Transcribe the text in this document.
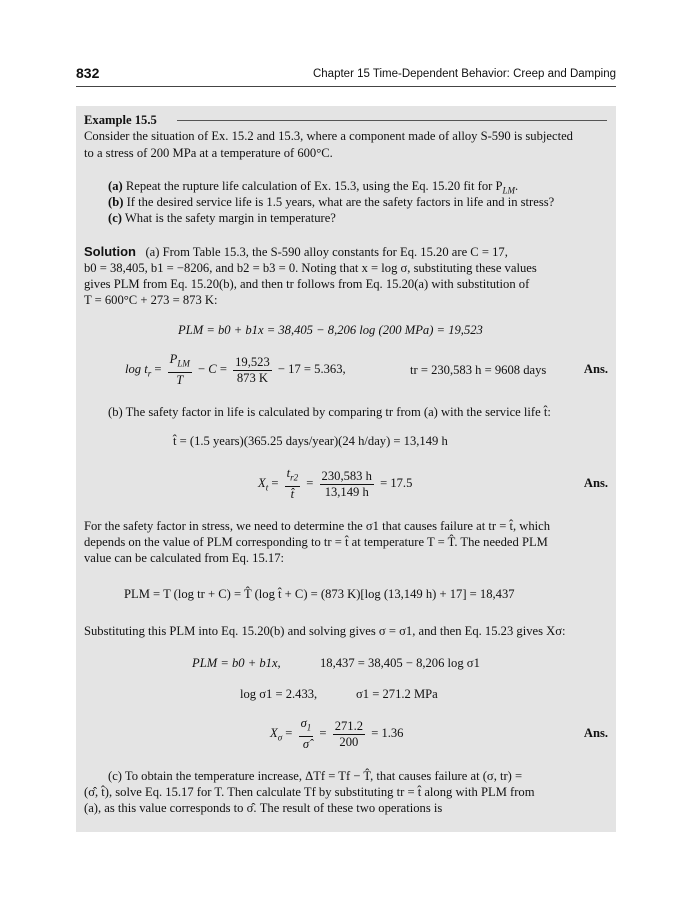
832	Chapter 15 Time-Dependent Behavior: Creep and Damping
Example 15.5
Consider the situation of Ex. 15.2 and 15.3, where a component made of alloy S-590 is subjected
to a stress of 200 MPa at a temperature of 600°C.
(a) Repeat the rupture life calculation of Ex. 15.3, using the Eq. 15.20 fit for $P_{LM}$.
(b) If the desired service life is 1.5 years, what are the safety factors in life and in stress?
(c) What is the safety margin in temperature?
Solution (a) From Table 15.3, the S-590 alloy constants for Eq. 15.20 are C = 17,
b0 = 38,405, b1 = −8206, and b2 = b3 = 0. Noting that x = log σ, substituting these values
gives PLM from Eq. 15.20(b), and then tr follows from Eq. 15.20(a) with substitution of
T = 600°C + 273 = 873 K:
PLM = b0 + b1x = 38,405 − 8,206 log (200 MPa) = 19,523
$\log t_r = \frac{P_{LM}}{T} - C = \frac{19,523}{873 K} - 17 = 5.363$,	tr = 230,583 h = 9608 days	Ans.
(b) The safety factor in life is calculated by comparing tr from (a) with the service life t̂:
t̂ = (1.5 years)(365.25 days/year)(24 h/day) = 13,149 h
$X_t = \frac{t_{r2}}{t̂} = \frac{230,583 h}{13,149 h} = 17.5$	Ans.
For the safety factor in stress, we need to determine the σ1 that causes failure at tr = t̂, which
depends on the value of PLM corresponding to tr = t̂ at temperature T = T̂. The needed PLM
value can be calculated from Eq. 15.17:
PLM = T (log tr + C) = T̂ (log t̂ + C) = (873 K)[log (13,149 h) + 17] = 18,437
Substituting this PLM into Eq. 15.20(b) and solving gives σ = σ1, and then Eq. 15.23 gives Xσ:
PLM = b0 + b1x,	18,437 = 38,405 − 8,206 log σ1
log σ1 = 2.433,	σ1 = 271.2 MPa
$X_\sigma = \frac{\sigma_1}{\sigmâ} = \frac{271.2}{200} = 1.36$	Ans.
(c) To obtain the temperature increase, ΔTf = Tf − T̂, that causes failure at (σ, tr) =
(σ̂, t̂), solve Eq. 15.17 for T. Then calculate Tf by substituting tr = t̂ along with PLM from
(a), as this value corresponds to σ̂. The result of these two operations is
